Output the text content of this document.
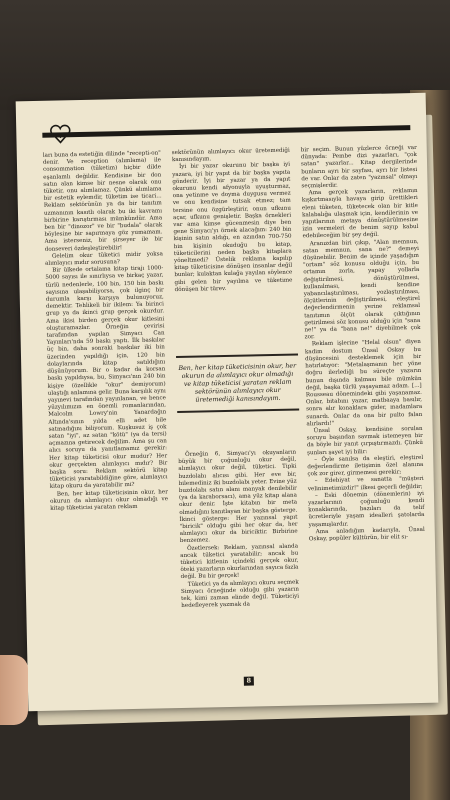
ları buna da estetiğin dilinde "recepti-on" denir. Ve reception (alımlama) ile consommation (tüketim) hiçbir dilde eşanlamlı değildir. Kendisine bir don satın alan kimse bir nesne olarak onu tüketir, onu alımlamaz. Çünkü alımlama bir estetik eylemdir, tüketim ise ticari... Reklam sektörünün ya da bir tanıtım uzmanının kasıtlı olarak bu iki kavramı birbirine karıştırması mümkündür. Ama ben bir "dinozor" ve bir "budala" olarak böylesine bir sapırmaya göz yumamam. Ama isterseniz, bir şirseyer ile bir donseveri özdeşleştirebilir!

Gelelim okur tüketici midir yoksa alımlayıcı mıdır sorusuna?

Bir ülkede ortalama kitap tirajı 1000-5000 sayısı ile sınırlıysa ve birkaç yazar, türlü nedenlerle, 100 bin, 150 bin baskı sayısına ulaşabiliyorsa, çok ilginç bir durumla karşı karşıya bulunuyoruz, demektir. Tehlikeli bir ikilem: Ya birinci grup ya da ikinci grup gerçek okurdur. Ama ikisi birden gerçek okur kitlesini oluşturamazlar. Örneğin çevirisi tarafımdan yapılan Simyacı Can Yayınları'nda 59 baskı yaptı. İlk baskılar üç bin, daha sonraki baskılar iki bin üzerinden yapıldığı için, 120 bin dolaylarında kitap satıldığını düşünüyorum. Bir o kadar da korsan baskı yapıldıysa, bu, Simyacı'nın 240 bin kişiye (özellikle "okur" demiyorum) ulaştığı anlamına gelir. Buna karşılık aynı yayınevi tarafından yayınlanan, ve bence yüzyılımızın en önemli romanlarından, Malcolm Lowry'nin Yanardağın Altında'sının yılda elli adet bile satmadığını biliyorum. Kuşkusuz iş çok satan "iyi", az satan "kötü" (ya da tersi) açmazına getirecek değilim. Ama şu can alıcı soruyu da yanıtlamamız gerekir: Her kitap tüketicisi okur mudur? Her okur gerçekten alımlayıcı mıdır? Bir başka soru: Reklam sektörü kitap tüketicisi yaratabildiğine göre, alımlayıcı kitap okuru da yaratabilir mi?

Ben, her kitap tüketicisinin okur, her okurun da alımlayıcı okur olmadığı ve kitap tüketicisi yaratan reklam

sektörünün alımlayıcı okur üretemediği kanısındayım.

İyi bir yazar okurunu bir başka iyi yazara, iyi bir yapıt da bir başka yapıta gönderir. İyi bir yazar ya da yapıt okurunu kendi afyonuyla uyuşturmaz, ona yetinme ve doyma duygusu vermez ve onu kendisine tutsak etmez; tam tersine onu özgürleştirir, onun ufkunu açar, ufkunu genişletir. Başka örnekleri var ama kimse gücenmesin diye ben gene Simyacı'yı örnek alacağım: 240 bin kişinin satın aldığı, en azından 700-750 bin kişinin okuduğu bu kitap, tüketicilerini neden başka kitaplara yöneltmedi? Üstelik reklama kapılıp kitap tüketicisine dönüşen insanlar değil bunlar; kulaktan kulağa yayılan söylence gibi gelen bir yayılma ve tüketime dönüşen bir türev.

Ben, her kitap tüketicisinin okur, her okurun da alımlayıcı okur olmadığı ve kitap tüketicisi yaratan reklam sektörünün alımlayıcı okur üretemediği kanısındayım.

Örneğin 6, Simyacı'yı okuyanların büyük bir çoğunluğu okur değil, alımlayıcı okur değil, tüketici. Tipki buzdolabı alıcısı gibi. Her eve bir, bilemediniz iki buzdolabı yeter. Evine yüz buzdolabı satın alanı manyak denilebilir (ya da karaborsacı), ama yüz kitap alana okur denir. İşte kitabın bir meta olmadığını kanıtlayan bir başka gösterge. İkinci gösterge: Her yazınsal yapıt "biricik" olduğu gibi her okur da, her alımlayıcı okur da biriciktir. Birbirine benzemez.

Özetlersek: Reklam, yazınsal alanda ancak tüketici yaratabilir; ancak bu tüketici kitlenin içindeki gerçek okur, öteki yazarların okurlarından sayıca fazla değil. Bu bir gerçek!

Tüketici ya da alımlayıcı okuru seçmek Simyacı örneğinde olduğu gibi yazarın tek, kimi zaman elinde değil. Tüketiciyi hedefleyerek yazmak da

bir seçim. Bunun yüzlerce örneği var dünyada: Pembe dizi yazarları, "çok satan" yazarlar... Kitap dergilerinde bunların ayrı bir sayfası, ayrı bir listesi de var. Onlar da zaten "yazınsal" olmayı seçmişlerdir.

Ama gerçek yazarların, reklamın kışkırtmasıyla havaya girip ürettikleri eleni tüketen, tüketecek olan bir kitle kalabalığa ulaşmak için, kendilerinin ve yapıtlarının metaya dönüştürülmesine izin vermeleri de benim sayıp kabul edebileceğim bir şey değil.

Aranızdan biri çıkıp, "Alan memnun, satan memnun, sana ne?" demeyi düşünebilir. Benim de içinde yaşadığım "ortam" söz konusu olduğu için, bu ortamın zorla, yapay yollarla değiştirilmesi, dönüştürülmesi, kullanılması, kendi kendine yabancılaştırılması, yozlaştırılması, ölçütlerinin değiştirilmesi, eleştirel değerlendirmenin yerine reklamsal tanıtımın ölçüt olarak çıktığının getirilmesi söz konusu olduğu için "sana ne!" ya da "bana ne!" diyebilmek çok zor.

Reklam işlerine "Helal olsun" diyen kadim dostum Ünsal Oskay bu düşüncesini desteklemek için bir hatırlatıyor: "Metalaşmanın her yöne doğru ilerlediği bu süreçte yazarın bunun dışında kalması bile mümkün değil, başka türlü yaşayamaz adam. [...] Rousseau dönemindeki gibi yaşanamaz. Onlar, bitabını yazar, matbaaya basılır, sonra alır konaklara gider, madamlara sunardı. Onlar da ona bir pulto falan alırlardı!"

Ünsal Oskay, kendisine sorulan soruyu başından savmak istemeyen bir da böyle bir yanıt çırpıştırmazdı. Çünkü şunları şayet iyi bilir:

– Öyle sanılsa da eleştiri, eleştirel değerlendirme iletişimin özel alanına çok zor girer, girmemesi gerekir;

– Edebiyat ve sanatta "müşteri velinimetimizdir!" ilkesi geçerli değildir;

– Eski dönemin (dönemlerin) iyi yazarlarının çoğunluğu kendi konaklarında, bazıları da telif ücretleriyle yaşam idealleri şatolarda yaşamışlardır.

Ama anladığım kadarıyla, Ünsal Oskay, popüler kültürün, bir elit sı-

8
